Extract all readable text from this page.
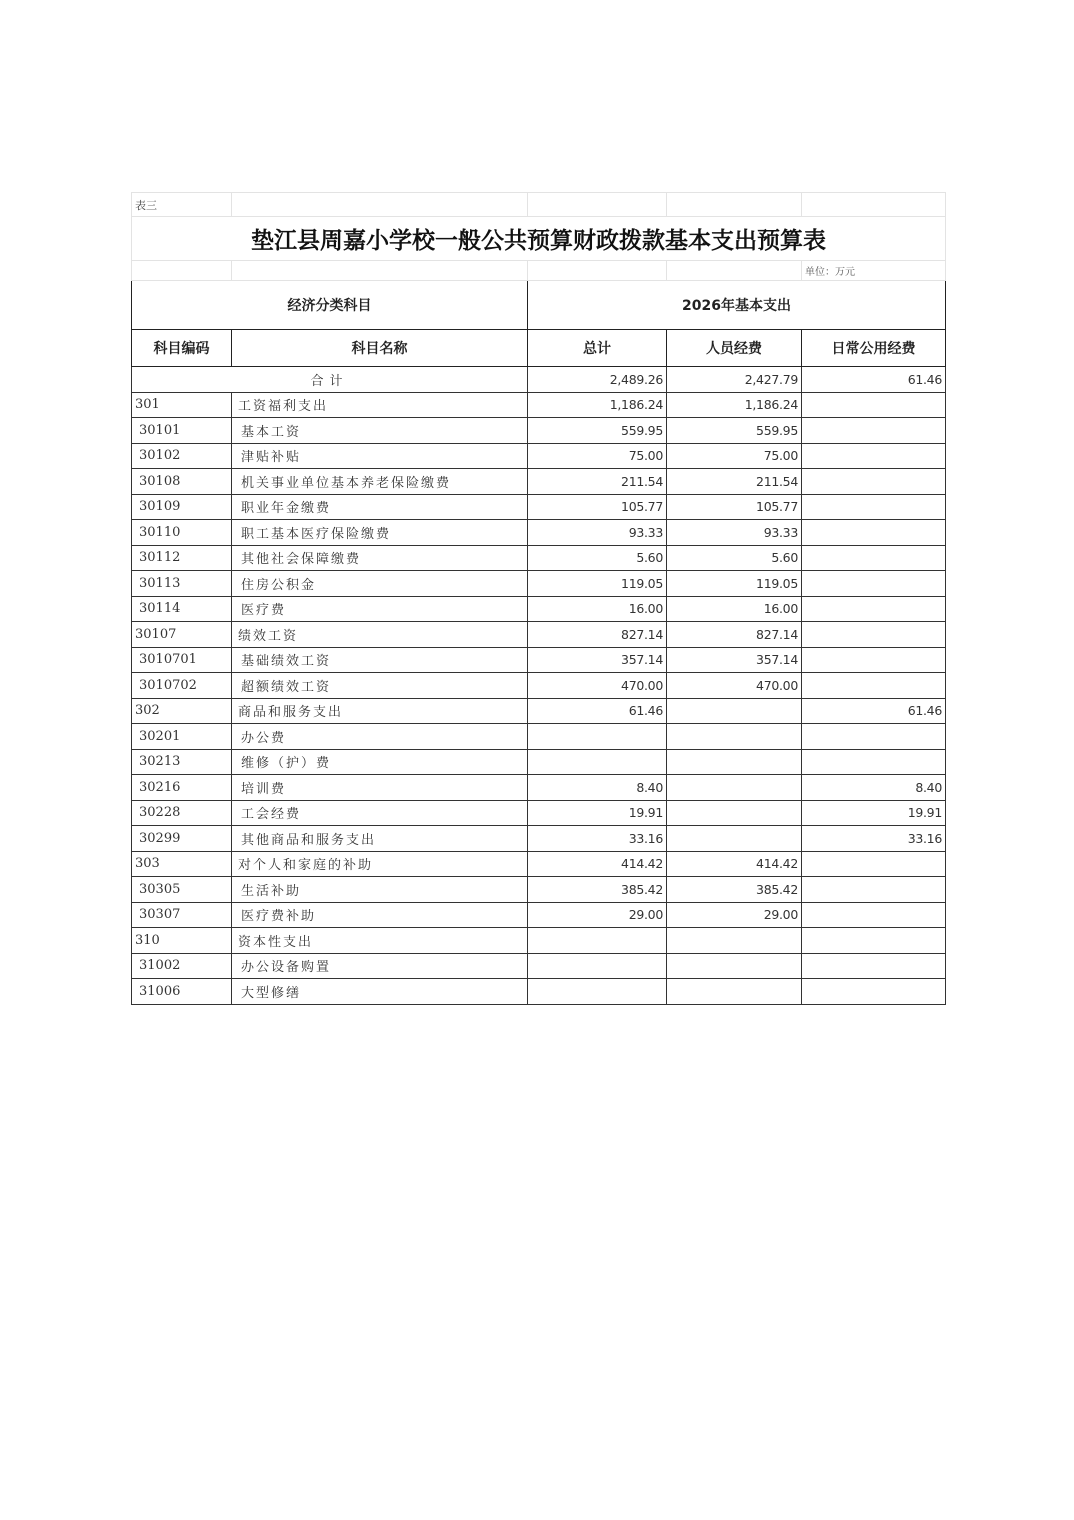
表三				
垫江县周嘉小学校一般公共预算财政拨款基本支出预算表				
				单位：万元
经济分类科目		2026年基本支出		
科目编码	科目名称	总计	人员经费	日常公用经费
合计		2,489.26	2,427.79	61.46
301	工资福利支出	1,186.24	1,186.24	
30101	基本工资	559.95	559.95	
30102	津贴补贴	75.00	75.00	
30108	机关事业单位基本养老保险缴费	211.54	211.54	
30109	职业年金缴费	105.77	105.77	
30110	职工基本医疗保险缴费	93.33	93.33	
30112	其他社会保障缴费	5.60	5.60	
30113	住房公积金	119.05	119.05	
30114	医疗费	16.00	16.00	
30107	绩效工资	827.14	827.14	
3010701	基础绩效工资	357.14	357.14	
3010702	超额绩效工资	470.00	470.00	
302	商品和服务支出	61.46		61.46
30201	办公费			
30213	维修（护）费			
30216	培训费	8.40		8.40
30228	工会经费	19.91		19.91
30299	其他商品和服务支出	33.16		33.16
303	对个人和家庭的补助	414.42	414.42	
30305	生活补助	385.42	385.42	
30307	医疗费补助	29.00	29.00	
310	资本性支出			
31002	办公设备购置			
31006	大型修缮			
